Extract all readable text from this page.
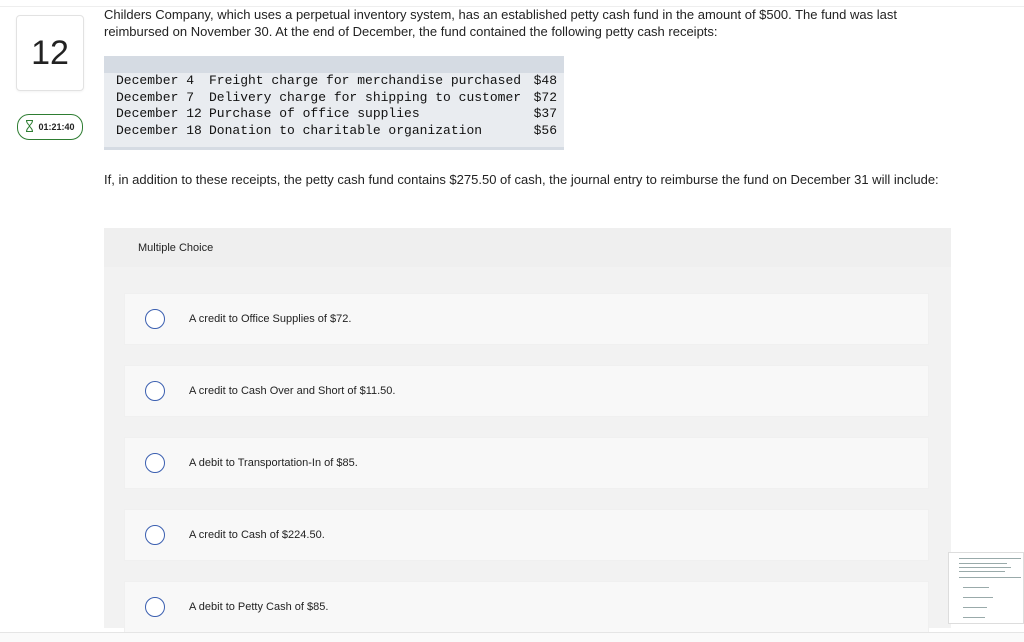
12
01:21:40
Childers Company, which uses a perpetual inventory system, has an established petty cash fund in the amount of $500. The fund was last reimbursed on November 30. At the end of December, the fund contained the following petty cash receipts:
December 4	Freight charge for merchandise purchased $48
December 7	Delivery charge for shipping to customer $72
December 12 Purchase of office supplies	$37
December 18 Donation to charitable organization	$56
If, in addition to these receipts, the petty cash fund contains $275.50 of cash, the journal entry to reimburse the fund on December 31 will include:
Multiple Choice
A credit to Office Supplies of $72.
A credit to Cash Over and Short of $11.50.
A debit to Transportation-In of $85.
A credit to Cash of $224.50.
A debit to Petty Cash of $85.
